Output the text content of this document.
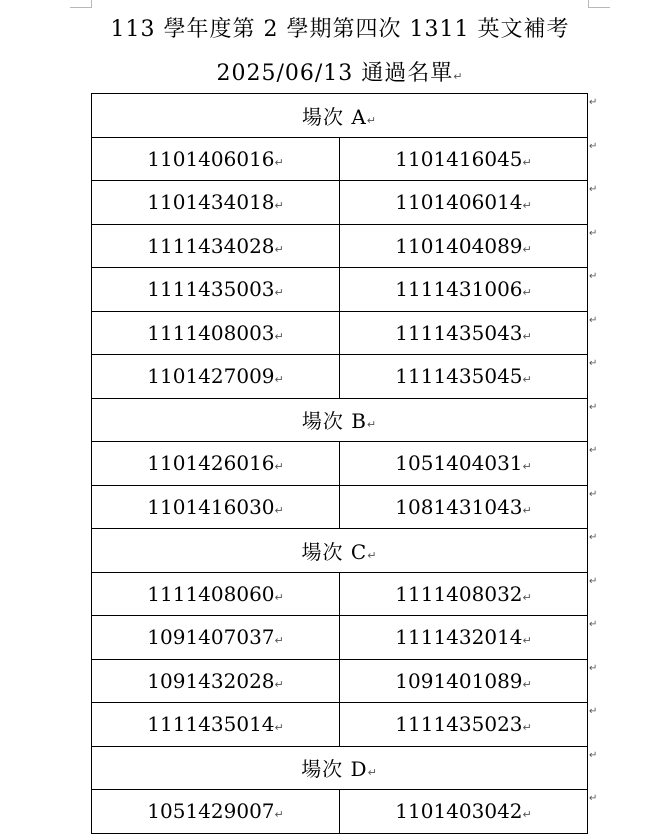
113 學年度第 2 學期第四次 1311 英文補考
2025/06/13 通過名單↵
場次 A↵	
1101406016↵	1101416045↵
1101434018↵	1101406014↵
1111434028↵	1101404089↵
1111435003↵	1111431006↵
1111408003↵	1111435043↵
1101427009↵	1111435045↵
場次 B↵	
1101426016↵	1051404031↵
1101416030↵	1081431043↵
場次 C↵	
1111408060↵	1111408032↵
1091407037↵	1111432014↵
1091432028↵	1091401089↵
1111435014↵	1111435023↵
場次 D↵	
1051429007↵	1101403042↵
↵
↵
↵
↵
↵
↵
↵
↵
↵
↵
↵
↵
↵
↵
↵
↵
↵
